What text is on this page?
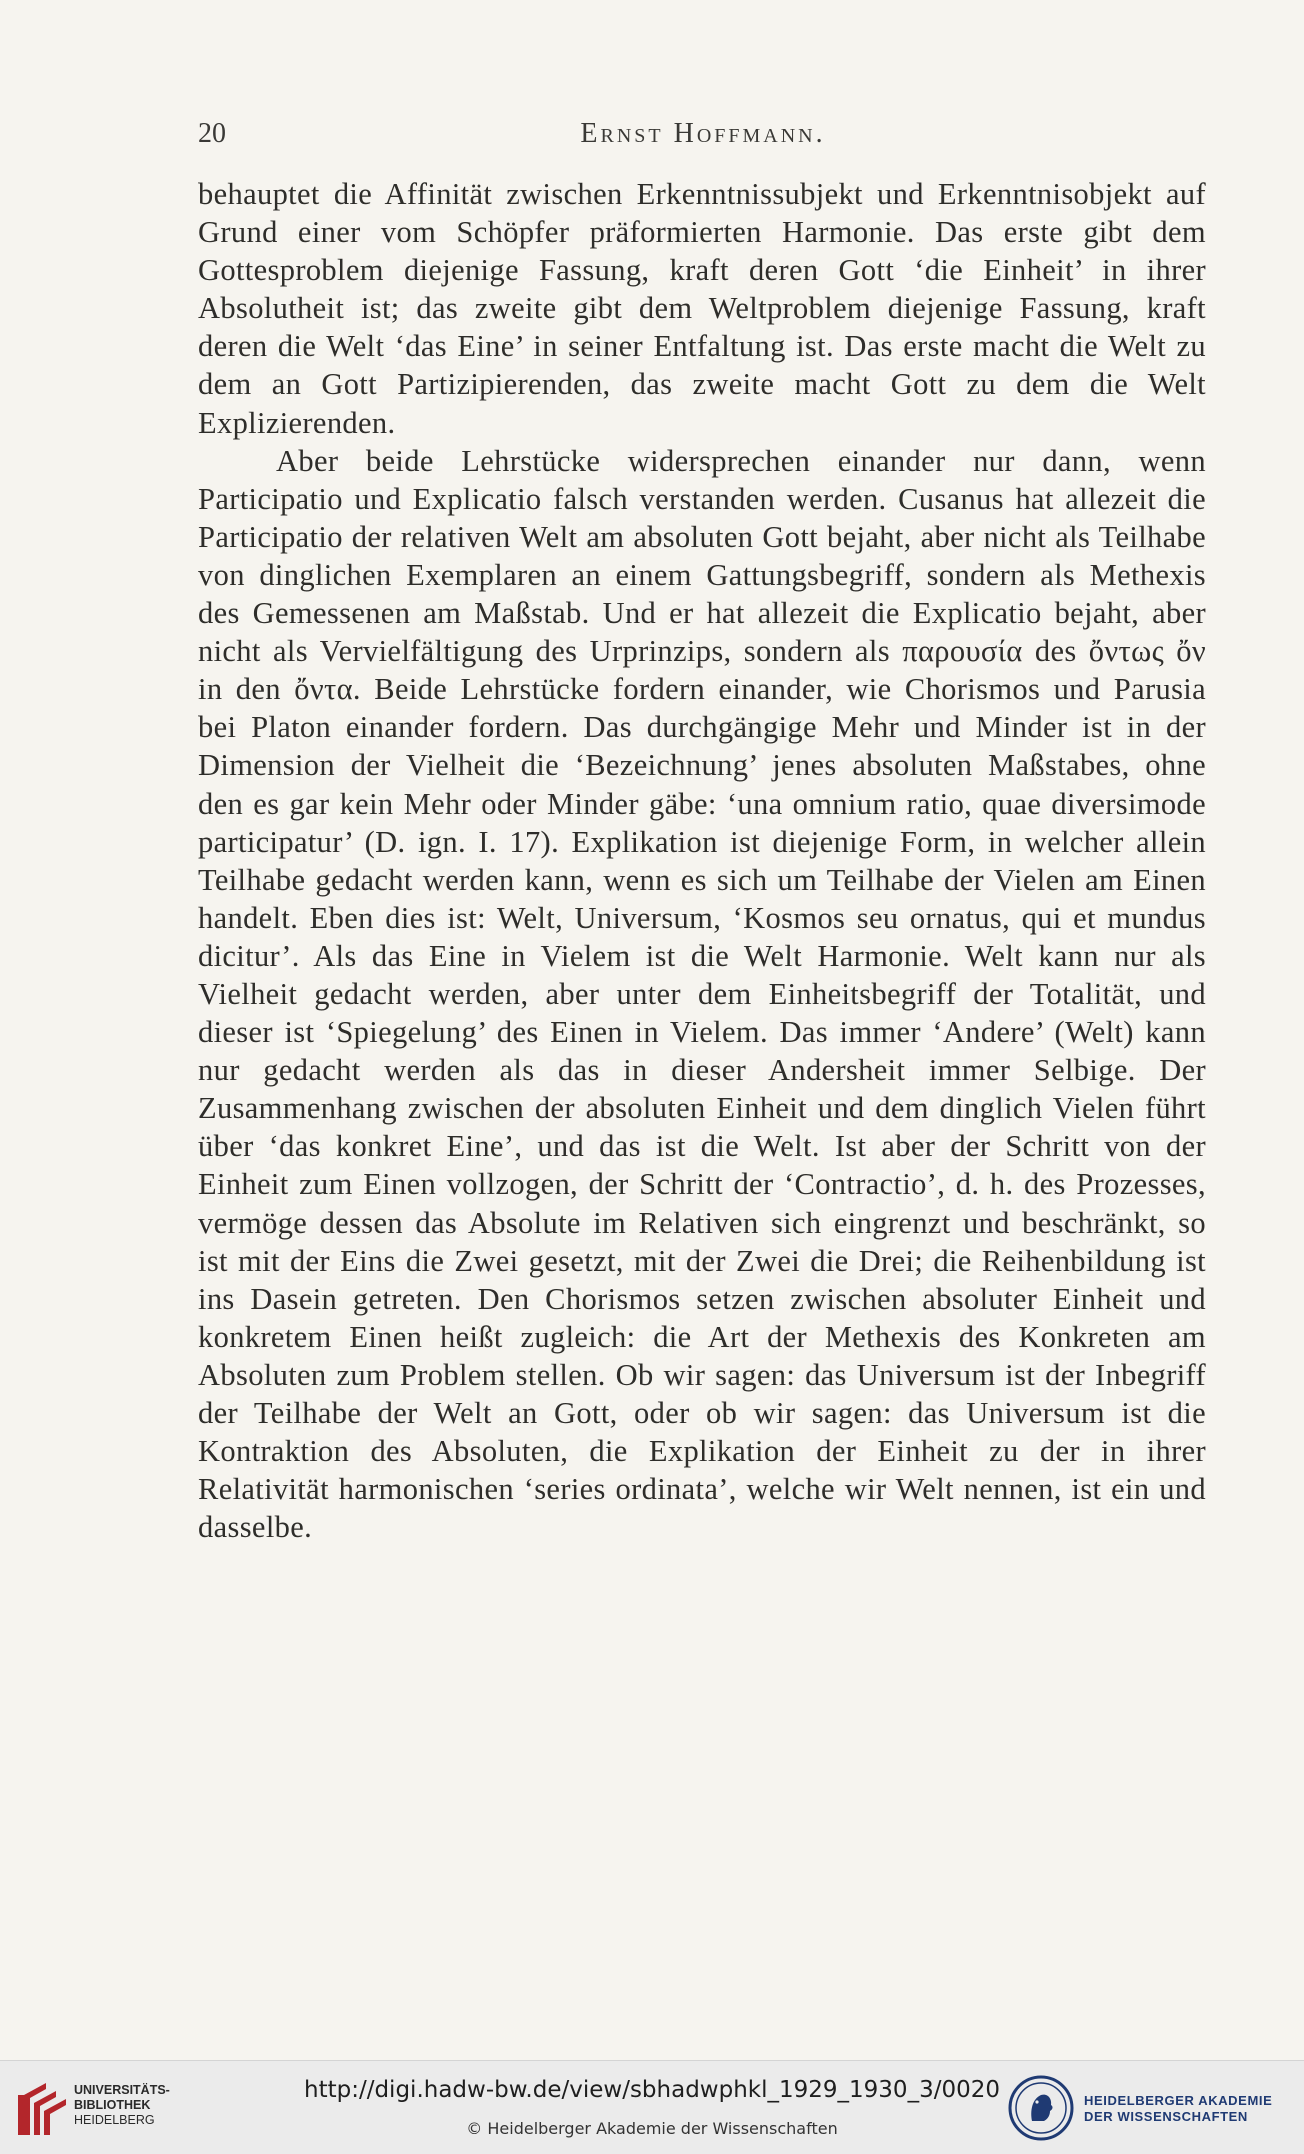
20	Ernst Hoffmann.

behauptet die Affinität zwischen Erkenntnissubjekt und Erkenntnisobjekt auf Grund einer vom Schöpfer präformierten Harmonie. Das erste gibt dem Gottesproblem diejenige Fassung, kraft deren Gott ‘die Einheit’ in ihrer Absolutheit ist; das zweite gibt dem Weltproblem diejenige Fassung, kraft deren die Welt ‘das Eine’ in seiner Entfaltung ist. Das erste macht die Welt zu dem an Gott Partizipierenden, das zweite macht Gott zu dem die Welt Explizierenden.

Aber beide Lehrstücke widersprechen einander nur dann, wenn Participatio und Explicatio falsch verstanden werden. Cusanus hat allezeit die Participatio der relativen Welt am absoluten Gott bejaht, aber nicht als Teilhabe von dinglichen Exemplaren an einem Gattungsbegriff, sondern als Methexis des Gemessenen am Maßstab. Und er hat allezeit die Explicatio bejaht, aber nicht als Vervielfältigung des Urprinzips, sondern als παρουσία des ὄντως ὄν in den ὄντα. Beide Lehrstücke fordern einander, wie Chorismos und Parusia bei Platon einander fordern. Das durchgängige Mehr und Minder ist in der Dimension der Vielheit die ‘Bezeichnung’ jenes absoluten Maßstabes, ohne den es gar kein Mehr oder Minder gäbe: ‘una omnium ratio, quae diversimode participatur’ (D. ign. I. 17). Explikation ist diejenige Form, in welcher allein Teilhabe gedacht werden kann, wenn es sich um Teilhabe der Vielen am Einen handelt. Eben dies ist: Welt, Universum, ‘Kosmos seu ornatus, qui et mundus dicitur’. Als das Eine in Vielem ist die Welt Harmonie. Welt kann nur als Vielheit gedacht werden, aber unter dem Einheitsbegriff der Totalität, und dieser ist ‘Spiegelung’ des Einen in Vielem. Das immer ‘Andere’ (Welt) kann nur gedacht werden als das in dieser Andersheit immer Selbige. Der Zusammenhang zwischen der absoluten Einheit und dem dinglich Vielen führt über ‘das konkret Eine’, und das ist die Welt. Ist aber der Schritt von der Einheit zum Einen vollzogen, der Schritt der ‘Contractio’, d. h. des Prozesses, vermöge dessen das Absolute im Relativen sich eingrenzt und beschränkt, so ist mit der Eins die Zwei gesetzt, mit der Zwei die Drei; die Reihenbildung ist ins Dasein getreten. Den Chorismos setzen zwischen absoluter Einheit und konkretem Einen heißt zugleich: die Art der Methexis des Konkreten am Absoluten zum Problem stellen. Ob wir sagen: das Universum ist der Inbegriff der Teilhabe der Welt an Gott, oder ob wir sagen: das Universum ist die Kontraktion des Absoluten, die Explikation der Einheit zu der in ihrer Relativität harmonischen ‘series ordinata’, welche wir Welt nennen, ist ein und dasselbe.

UNIVERSITÄTS-
BIBLIOTHEK
HEIDELBERG
http://digi.hadw-bw.de/view/sbhadwphkl_1929_1930_3/0020
© Heidelberger Akademie der Wissenschaften
HEIDELBERGER AKADEMIE
DER WISSENSCHAFTEN
